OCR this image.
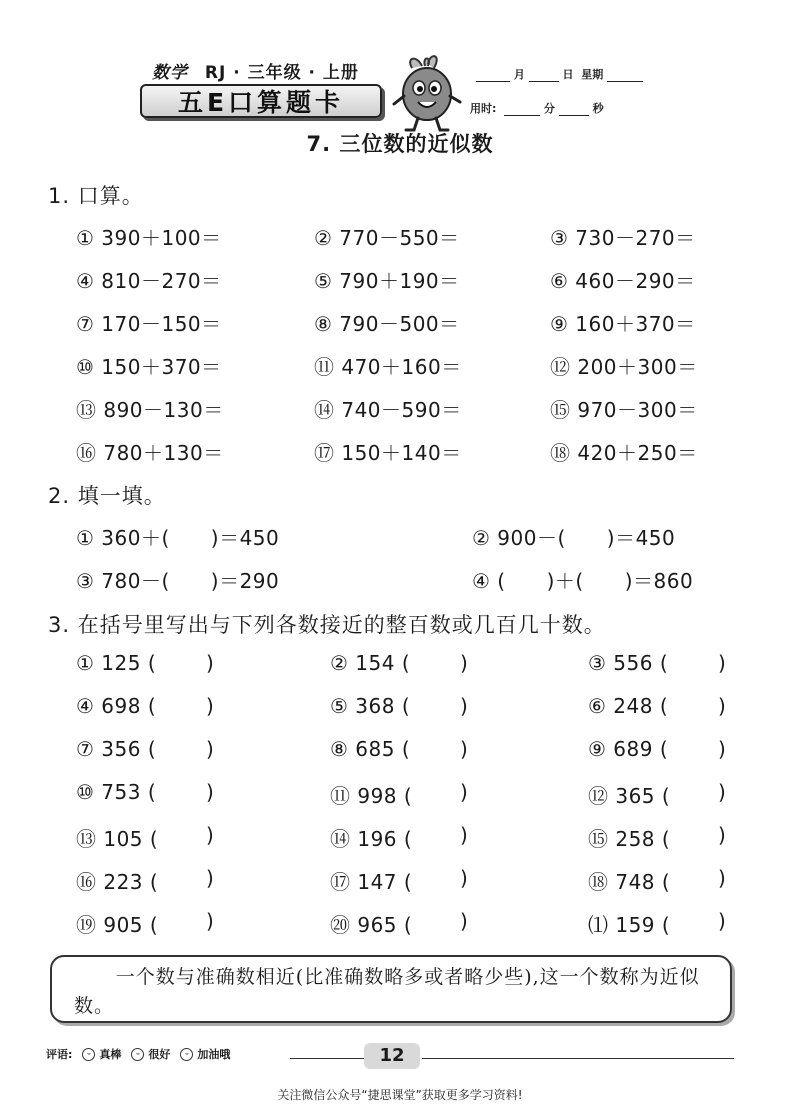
数学 RJ · 三年级 · 上册
五E口算题卡
月	日 星期
用时:	分	秒
7. 三位数的近似数
1. 口算。
① 390＋100＝	② 770－550＝	③ 730－270＝
④ 810－270＝	⑤ 790＋190＝	⑥ 460－290＝
⑦ 170－150＝	⑧ 790－500＝	⑨ 160＋370＝
⑩ 150＋370＝	⑪ 470＋160＝	⑫ 200＋300＝
⑬ 890－130＝	⑭ 740－590＝	⑮ 970－300＝
⑯ 780＋130＝	⑰ 150＋140＝	⑱ 420＋250＝
2. 填一填。
① 360＋(　　)＝450	② 900－(　　)＝450
③ 780－(　　)＝290	④ (　　)＋(　　)＝860
3. 在括号里写出与下列各数接近的整百数或几百几十数。
① 125 ( )	② 154 ( )	③ 556 ( )
④ 698 ( )	⑤ 368 ( )	⑥ 248 ( )
⑦ 356 ( )	⑧ 685 ( )	⑨ 689 ( )
⑩ 753 ( )	⑪ 998 ( )	⑫ 365 ( )
⑬ 105 ( )	⑭ 196 ( )	⑮ 258 ( )
⑯ 223 ( )	⑰ 147 ( )	⑱ 748 ( )
⑲ 905 ( )	⑳ 965 ( )	⑴ 159 ( )
一个数与准确数相近(比准确数略多或者略少些),这一个数称为近似数。
评语:	ᵕ 真棒	ᵕ 很好	ᵕ 加油哦	12
关注微信公众号“捷思课堂”获取更多学习资料!
